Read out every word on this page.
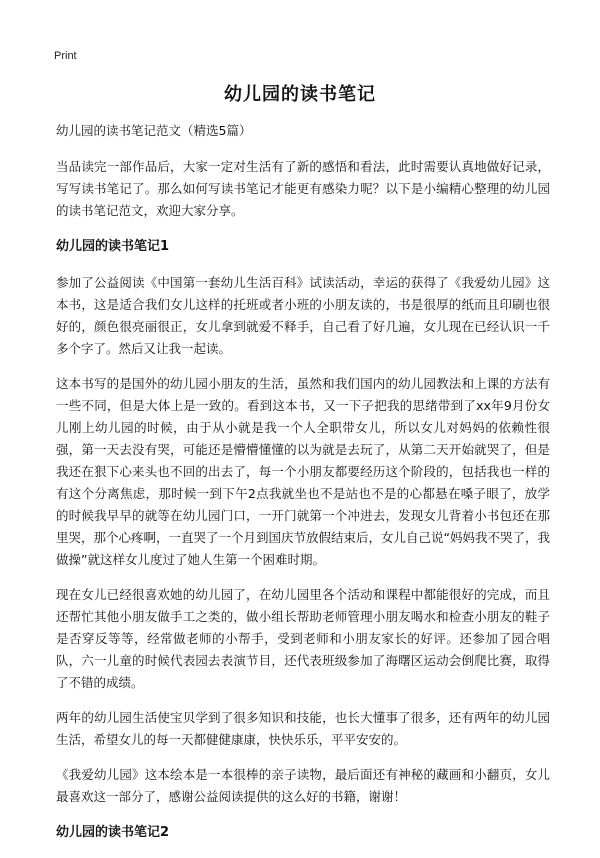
Print
幼儿园的读书笔记

幼儿园的读书笔记范文（精选5篇）

当品读完一部作品后，大家一定对生活有了新的感悟和看法，此时需要认真地做好记录，写写读书笔记了。那么如何写读书笔记才能更有感染力呢？以下是小编精心整理的幼儿园的读书笔记范文，欢迎大家分享。

幼儿园的读书笔记1

参加了公益阅读《中国第一套幼儿生活百科》试读活动，幸运的获得了《我爱幼儿园》这本书，这是适合我们女儿这样的托班或者小班的小朋友读的，书是很厚的纸而且印刷也很好的，颜色很亮丽很正，女儿拿到就爱不释手，自己看了好几遍，女儿现在已经认识一千多个字了。然后又让我一起读。

这本书写的是国外的幼儿园小朋友的生活，虽然和我们国内的幼儿园教法和上课的方法有一些不同，但是大体上是一致的。看到这本书，又一下子把我的思绪带到了xx年9月份女儿刚上幼儿园的时候，由于从小就是我一个人全职带女儿，所以女儿对妈妈的依赖性很强，第一天去没有哭，可能还是懵懵懂懂的以为就是去玩了，从第二天开始就哭了，但是我还在狠下心来头也不回的出去了，每一个小朋友都要经历这个阶段的，包括我也一样的有这个分离焦虑，那时候一到下午2点我就坐也不是站也不是的心都悬在嗓子眼了，放学的时候我早早的就等在幼儿园门口，一开门就第一个冲进去，发现女儿背着小书包还在那里哭，那个心疼啊，一直哭了一个月到国庆节放假结束后，女儿自己说“妈妈我不哭了，我做操”就这样女儿度过了她人生第一个困难时期。

现在女儿已经很喜欢她的幼儿园了，在幼儿园里各个活动和课程中都能很好的完成，而且还帮忙其他小朋友做手工之类的，做小组长帮助老师管理小朋友喝水和检查小朋友的鞋子是否穿反等等，经常做老师的小帮手，受到老师和小朋友家长的好评。还参加了园合唱队，六一儿童的时候代表园去表演节目，还代表班级参加了海曙区运动会倒爬比赛，取得了不错的成绩。

两年的幼儿园生活使宝贝学到了很多知识和技能，也长大懂事了很多，还有两年的幼儿园生活，希望女儿的每一天都健健康康，快快乐乐，平平安安的。

《我爱幼儿园》这本绘本是一本很棒的亲子读物，最后面还有神秘的藏画和小翻页，女儿最喜欢这一部分了，感谢公益阅读提供的这么好的书籍，谢谢！

幼儿园的读书笔记2
